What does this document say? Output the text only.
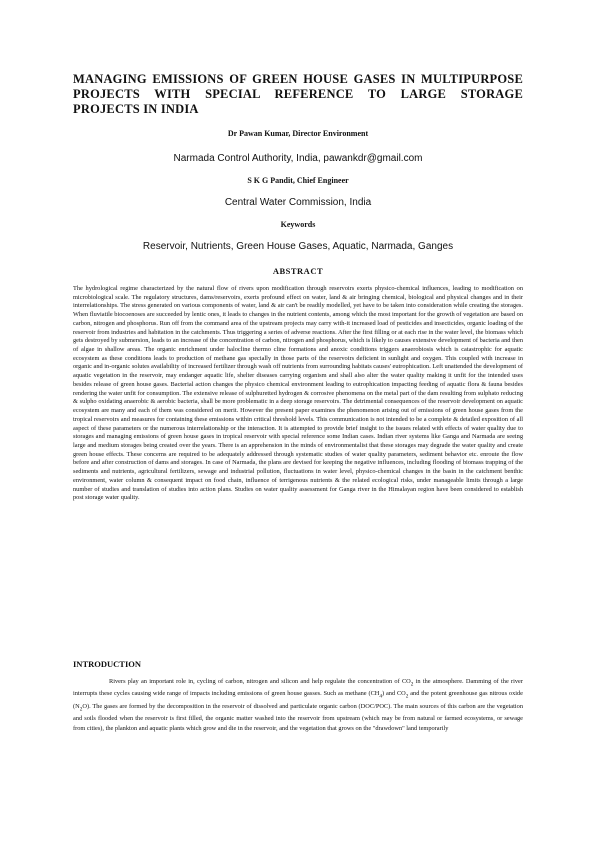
MANAGING EMISSIONS OF GREEN HOUSE GASES IN MULTIPURPOSE PROJECTS WITH SPECIAL REFERENCE TO LARGE STORAGE PROJECTS IN INDIA
Dr Pawan Kumar, Director Environment
Narmada Control Authority, India, pawankdr@gmail.com
S K G Pandit, Chief Engineer
Central Water Commission, India
Keywords
Reservoir, Nutrients, Green House Gases, Aquatic, Narmada, Ganges
ABSTRACT

The hydrological regime characterized by the natural flow of rivers upon modification through reservoirs exerts physico-chemical influences, leading to modification on microbiological scale. The regulatory structures, dams/reservoirs, exerts profound effect on water, land & air bringing chemical, biological and physical changes and in their interrelationships. The stress generated on various components of water, land & air can't be readily modelled, yet have to be taken into consideration while creating the storages. When fluviatile biocoenoses are succeeded by lentic ones, it leads to changes in the nutrient contents, among which the most important for the growth of vegetation are based on carbon, nitrogen and phosphorus. Run off from the command area of the upstream projects may carry with-it increased load of pesticides and insecticides, organic loading of the reservoir from industries and habitation in the catchments. Thus triggering a series of adverse reactions. After the first filling or at each rise in the water level, the biomass which gets destroyed by submersion, leads to an increase of the concentration of carbon, nitrogen and phosphorus, which is likely to causes extensive development of bacteria and then of algae in shallow areas. The organic enrichment under halocline thermo cline formations and anoxic conditions triggers anaerobiosis which is catastrophic for aquatic ecosystem as these conditions leads to production of methane gas specially in those parts of the reservoirs deficient in sunlight and oxygen. This coupled with increase in organic and in-organic solutes availability of increased fertilizer through wash off nutrients from surrounding habitats causes' eutrophication. Left unattended the development of aquatic vegetation in the reservoir, may endanger aquatic life, shelter diseases carrying organism and shall also alter the water quality making it unfit for the intended uses besides release of green house gases. Bacterial action changes the physico chemical environment leading to eutrophication impacting feeding of aquatic flora & fauna besides rendering the water unfit for consumption. The extensive release of sulphuretted hydrogen & corrosive phenomena on the metal part of the dam resulting from sulphato reducing & sulpho oxidating anaerobic & aerobic bacteria, shall be more problematic in a deep storage reservoirs. The detrimental consequences of the reservoir development on aquatic ecosystem are many and each of them was considered on merit. However the present paper examines the phenomenon arising out of emissions of green house gases from the tropical reservoirs and measures for containing these emissions within critical threshold levels. This communication is not intended to be a complete & detailed exposition of all aspect of these parameters or the numerous interrelationship or the interaction. It is attempted to provide brief insight to the issues related with effects of water quality due to storages and managing emissions of green house gases in tropical reservoir with special reference some Indian cases. Indian river systems like Ganga and Narmada are seeing large and medium storages being created over the years. There is an apprehension in the minds of environmentalist that these storages may degrade the water quality and create green house effects. These concerns are required to be adequately addressed through systematic studies of water quality parameters, sediment behavior etc. enroute the flow before and after construction of dams and storages. In case of Narmada, the plans are devised for keeping the negative influences, including flooding of biomass trapping of the sediments and nutrients, agricultural fertilizers, sewage and industrial pollution, fluctuations in water level, physico-chemical changes in the basin in the catchment benthic environment, water column & consequent impact on food chain, influence of terrigenous nutrients & the related ecological risks, under manageable limits through a large number of studies and translation of studies into action plans. Studies on water quality assessment for Ganga river in the Himalayan region have been considered to establish post storage water quality.

INTRODUCTION

Rivers play an important role in, cycling of carbon, nitrogen and silicon and help regulate the concentration of $CO_2$ in the atmosphere. Damming of the river interrupts these cycles causing wide range of impacts including emissions of green house gasses. Such as methane $(CH_4)$ and $CO_2$ and the potent greenhouse gas nitrous oxide $(N_2O)$. The gases are formed by the decomposition in the reservoir of dissolved and particulate organic carbon (DOC/POC). The main sources of this carbon are the vegetation and soils flooded when the reservoir is first filled, the organic matter washed into the reservoir from upstream (which may be from natural or farmed ecosystems, or sewage from cities), the plankton and aquatic plants which grow and die in the reservoir, and the vegetation that grows on the "drawdown" land temporarily
